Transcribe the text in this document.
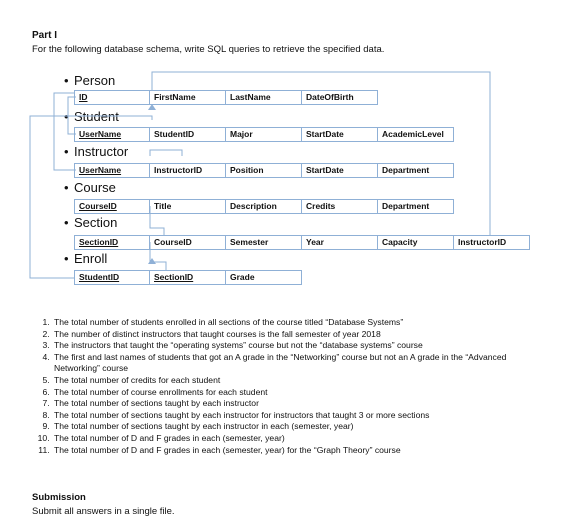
Part I
For the following database schema, write SQL queries to retrieve the specified data.
• Person
• Student
• Instructor
• Course
• Section
• Enroll
ID	FirstName	LastName	DateOfBirth
UserName	StudentID	Major	StartDate	AcademicLevel
UserName	InstructorID	Position	StartDate	Department
CourseID	Title	Description	Credits	Department
SectionID	CourseID	Semester	Year	Capacity	InstructorID
StudentID	SectionID	Grade
1. The total number of students enrolled in all sections of the course titled “Database Systems”
2. The number of distinct instructors that taught courses is the fall semester of year 2018
3. The instructors that taught the “operating systems” course but not the “database systems” course
4. The first and last names of students that got an A grade in the “Networking” course but not an A grade in the “Advanced Networking” course
5. The total number of credits for each student
6. The total number of course enrollments for each student
7. The total number of sections taught by each instructor
8. The total number of sections taught by each instructor for instructors that taught 3 or more sections
9. The total number of sections taught by each instructor in each (semester, year)
10. The total number of D and F grades in each (semester, year)
11. The total number of D and F grades in each (semester, year) for the “Graph Theory” course
Submission
Submit all answers in a single file.
